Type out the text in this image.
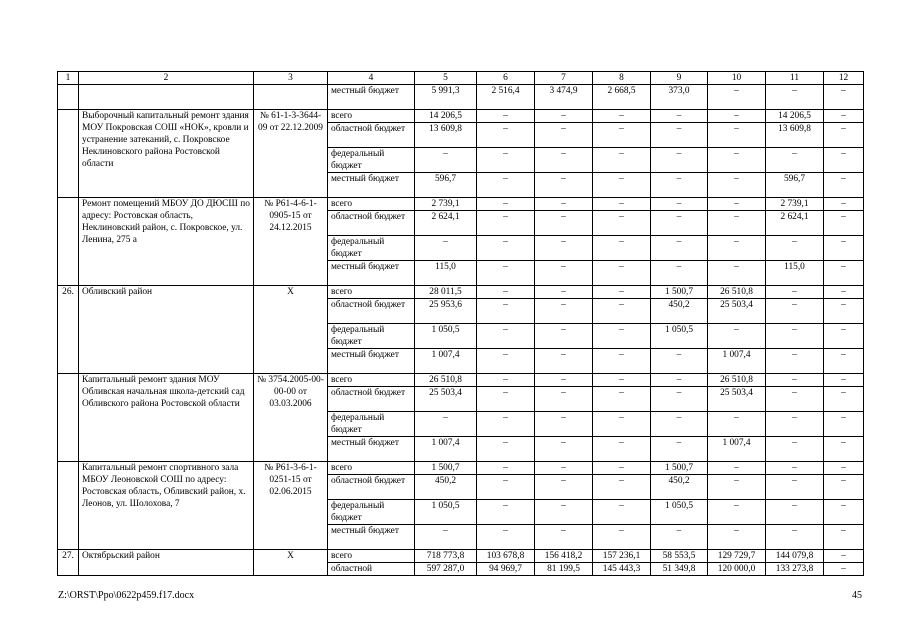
1	2	3	4	5	6	7	8	9	10	11	12
			местный бюджет	5 991,3	2 516,4	3 474,9	2 668,5	373,0	–	–	–
	Выборочный капитальный ремонт здания МОУ Покровская СОШ «НОК», кровли и устранение затеканий, с. Покровское Неклиновского района Ростовской области	№ 61-1-3-3644-09 от 22.12.2009	всего	14 206,5	–	–	–	–	–	14 206,5	–
			областной бюджет	13 609,8	–	–	–	–	–	13 609,8	–
			федеральный бюджет	–	–	–	–	–	–	–	–
			местный бюджет	596,7	–	–	–	–	–	596,7	–
	Ремонт помещений МБОУ ДО ДЮСШ по адресу: Ростовская область, Неклиновский район, с. Покровское, ул. Ленина, 275 а	№ Р61-4-6-1-0905-15 от 24.12.2015	всего	2 739,1	–	–	–	–	–	2 739,1	–
			областной бюджет	2 624,1	–	–	–	–	–	2 624,1	–
			федеральный бюджет	–	–	–	–	–	–	–	–
			местный бюджет	115,0	–	–	–	–	–	115,0	–
26.	Обливский район	Х	всего	28 011,5	–	–	–	1 500,7	26 510,8	–	–
			областной бюджет	25 953,6	–	–	–	450,2	25 503,4	–	–
			федеральный бюджет	1 050,5	–	–	–	1 050,5	–	–	–
			местный бюджет	1 007,4	–	–	–	–	1 007,4	–	–
	Капитальный ремонт здания МОУ Обливская начальная школа-детский сад Обливского района Ростовской области	№ 3754.2005-00-00-00 от 03.03.2006	всего	26 510,8	–	–	–	–	26 510,8	–	–
			областной бюджет	25 503,4	–	–	–	–	25 503,4	–	–
			федеральный бюджет	–	–	–	–	–	–	–	–
			местный бюджет	1 007,4	–	–	–	–	1 007,4	–	–
	Капитальный ремонт спортивного зала МБОУ Леоновской СОШ по адресу: Ростовская область, Обливский район, х. Леонов, ул. Шолохова, 7	№ Р61-3-6-1-0251-15 от 02.06.2015	всего	1 500,7	–	–	–	1 500,7	–	–	–
			областной бюджет	450,2	–	–	–	450,2	–	–	–
			федеральный бюджет	1 050,5	–	–	–	1 050,5	–	–	–
			местный бюджет	–	–	–	–	–	–	–	–
27.	Октябрьский район	Х	всего	718 773,8	103 678,8	156 418,2	157 236,1	58 553,5	129 729,7	144 079,8	–
			областной	597 287,0	94 969,7	81 199,5	145 443,3	51 349,8	120 000,0	133 273,8	–
Z:\ORST\Ppo\0622p459.f17.docx	45
